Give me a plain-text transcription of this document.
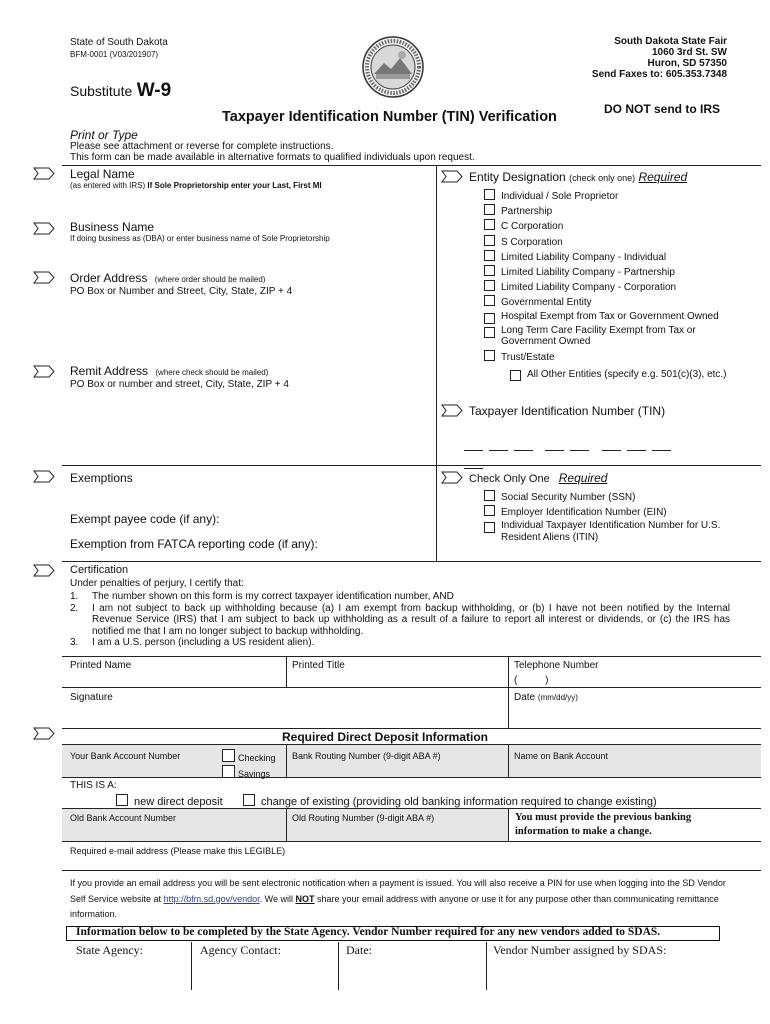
State of South Dakota
BFM-0001 (V03/201907)
Substitute W-9
South Dakota State Fair
1060 3rd St. SW
Huron, SD 57350
Send Faxes to: 605.353.7348
DO NOT send to IRS
Taxpayer Identification Number (TIN) Verification
Print or Type
Please see attachment or reverse for complete instructions.
This form can be made available in alternative formats to qualified individuals upon request.
Legal Name
(as entered with IRS) If Sole Proprietorship enter your Last, First MI
Business Name
If doing business as (DBA) or enter business name of Sole Proprietorship
Order Address (where order should be mailed)
PO Box or Number and Street, City, State, ZIP + 4
Remit Address (where check should be mailed)
PO Box or number and street, City, State, ZIP + 4
Exemptions
Exempt payee code (if any):
Exemption from FATCA reporting code (if any):
Entity Designation (check only one) Required
Individual / Sole Proprietor
Partnership
C Corporation
S Corporation
Limited Liability Company - Individual
Limited Liability Company - Partnership
Limited Liability Company - Corporation
Governmental Entity
Hospital Exempt from Tax or Government Owned
Long Term Care Facility Exempt from Tax or Government Owned
Trust/Estate
All Other Entities (specify e.g. 501(c)(3), etc.)
Taxpayer Identification Number (TIN)

Check Only One Required
Social Security Number (SSN)
Employer Identification Number (EIN)
Individual Taxpayer Identification Number for U.S. Resident Aliens (ITIN)
Certification
Under penalties of perjury, I certify that:
1.	The number shown on this form is my correct taxpayer identification number, AND
2.	I am not subject to back up withholding because (a) I am exempt from backup withholding, or (b) I have not been notified by the Internal Revenue Service (IRS) that I am subject to back up withholding as a result of a failure to report all interest or dividends, or (c) the IRS has notified me that I am no longer subject to backup withholding.
3.	I am a U.S. person (including a US resident alien).
Printed Name	Printed Title	Telephone Number
(          )
Signature	Date (mm/dd/yy)
Required Direct Deposit Information
Your Bank Account Number	Checking
Savings
Bank Routing Number (9-digit ABA #)	Name on Bank Account
THIS IS A:
new direct deposit	change of existing (providing old banking information required to change existing)
Old Bank Account Number	Old Routing Number (9-digit ABA #)	You must provide the previous banking information to make a change.
Required e-mail address (Please make this LEGIBLE)
If you provide an email address you will be sent electronic notification when a payment is issued. You will also receive a PIN for use when logging into the SD Vendor Self Service website at http://bfm.sd.gov/vendor. We will NOT share your email address with anyone or use it for any purpose other than communicating remittance information.
Information below to be completed by the State Agency. Vendor Number required for any new vendors added to SDAS.
State Agency:	Agency Contact:	Date:	Vendor Number assigned by SDAS:
